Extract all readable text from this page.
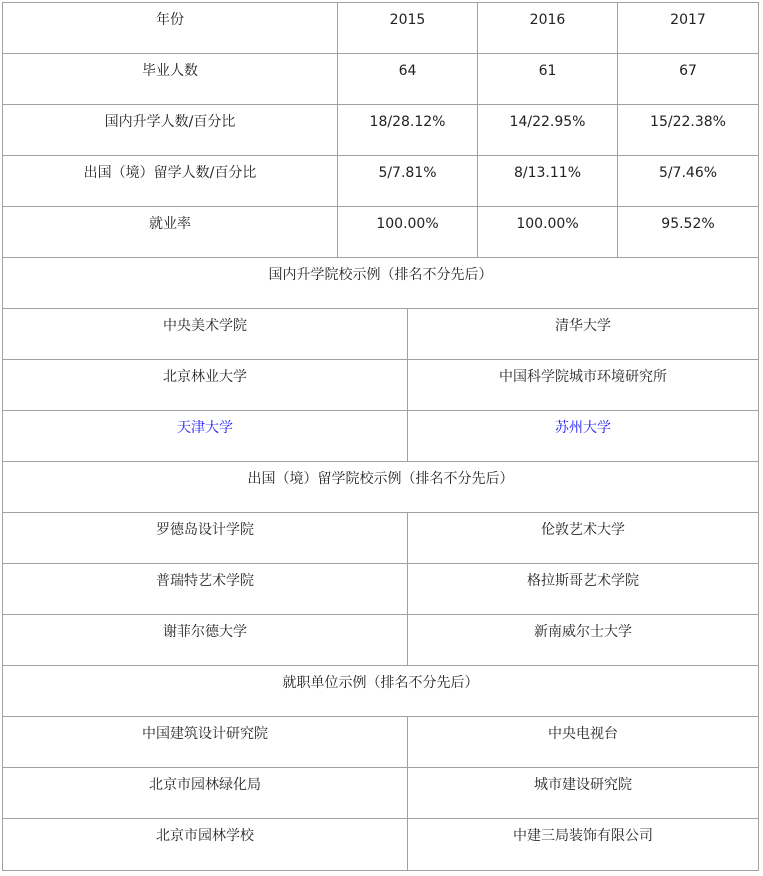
年份	2015	2016	2017
毕业人数	64	61	67
国内升学人数/百分比	18/28.12%	14/22.95%	15/22.38%
出国（境）留学人数/百分比	5/7.81%	8/13.11%	5/7.46%
就业率	100.00%	100.00%	95.52%
国内升学院校示例（排名不分先后）
中央美术学院	清华大学
北京林业大学	中国科学院城市环境研究所
天津大学	苏州大学
出国（境）留学院校示例（排名不分先后）
罗德岛设计学院	伦敦艺术大学
普瑞特艺术学院	格拉斯哥艺术学院
谢菲尔德大学	新南威尔士大学
就职单位示例（排名不分先后）
中国建筑设计研究院	中央电视台
北京市园林绿化局	城市建设研究院
北京市园林学校	中建三局装饰有限公司
